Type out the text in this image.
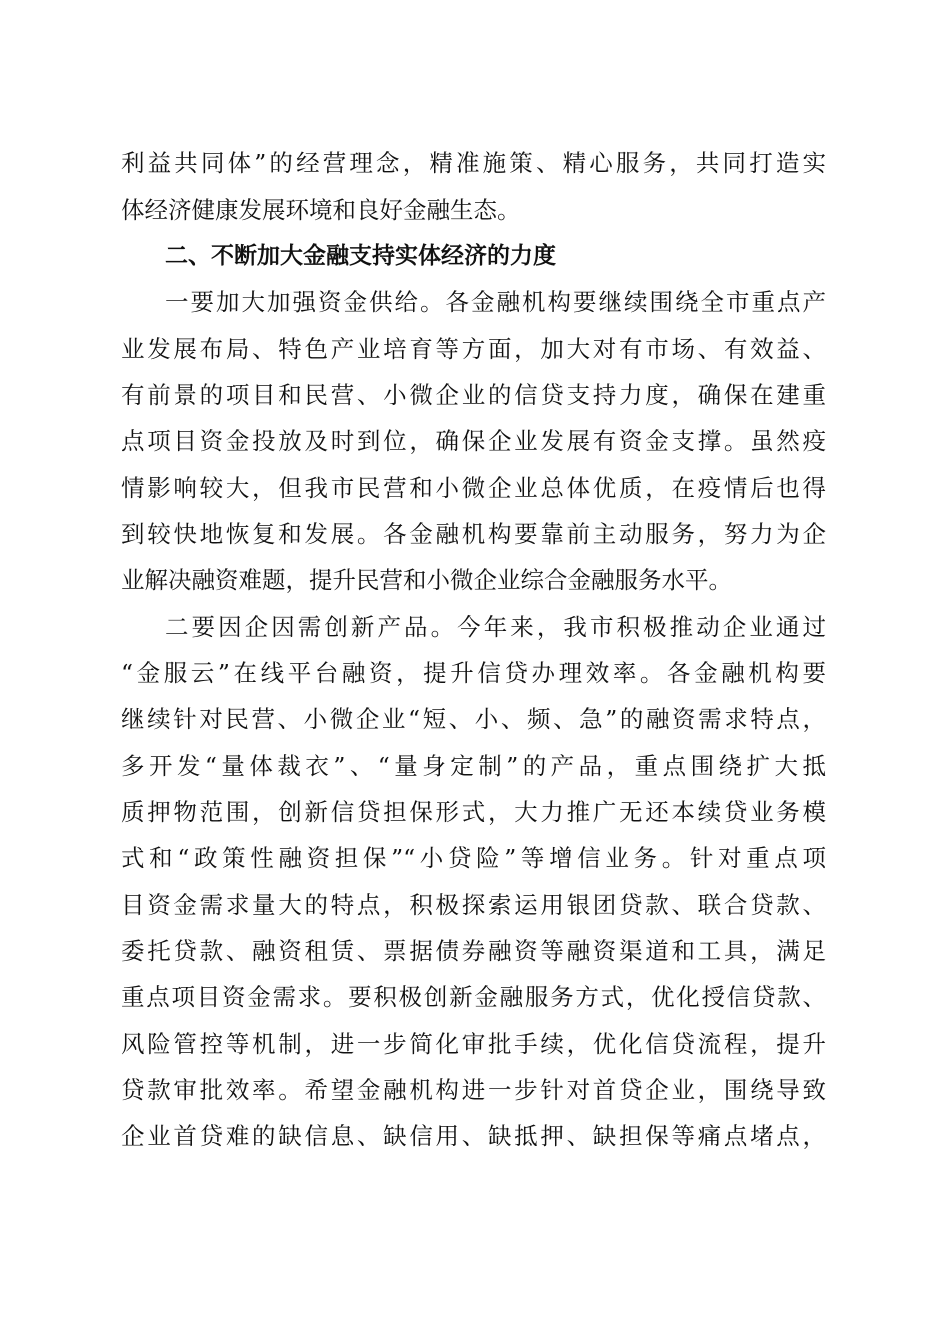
利益共同体”的经营理念，精准施策、精心服务，共同打造实
体经济健康发展环境和良好金融生态。
二、不断加大金融支持实体经济的力度
一要加大加强资金供给。各金融机构要继续围绕全市重点产
业发展布局、特色产业培育等方面，加大对有市场、有效益、
有前景的项目和民营、小微企业的信贷支持力度，确保在建重
点项目资金投放及时到位，确保企业发展有资金支撑。虽然疫
情影响较大，但我市民营和小微企业总体优质，在疫情后也得
到较快地恢复和发展。各金融机构要靠前主动服务，努力为企
业解决融资难题，提升民营和小微企业综合金融服务水平。
二要因企因需创新产品。今年来，我市积极推动企业通过
“金服云”在线平台融资，提升信贷办理效率。各金融机构要
继续针对民营、小微企业“短、小、频、急”的融资需求特点，
多开发“量体裁衣”、“量身定制”的产品，重点围绕扩大抵
质押物范围，创新信贷担保形式，大力推广无还本续贷业务模
式和“政策性融资担保”“小贷险”等增信业务。针对重点项
目资金需求量大的特点，积极探索运用银团贷款、联合贷款、
委托贷款、融资租赁、票据债券融资等融资渠道和工具，满足
重点项目资金需求。要积极创新金融服务方式，优化授信贷款、
风险管控等机制，进一步简化审批手续，优化信贷流程，提升
贷款审批效率。希望金融机构进一步针对首贷企业，围绕导致
企业首贷难的缺信息、缺信用、缺抵押、缺担保等痛点堵点，
